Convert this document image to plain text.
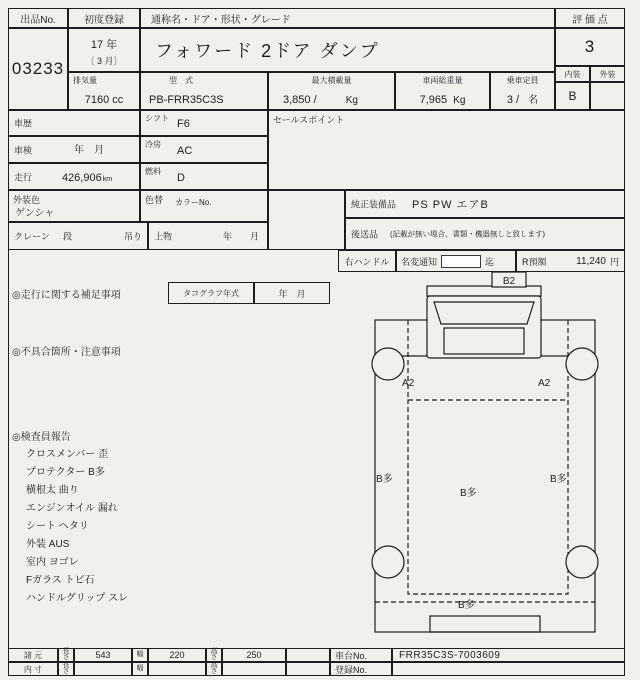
出品No.
03233
初度登録
17 年
〔 3 月〕
通称名・ドア・形状・グレード
フォワード 2ドア ダンプ
評 価 点
3
内装	外装
B
排気量
7160 cc
型　式
PB-FRR35C3S
最大積載量
3,850 /	Kg
車両総重量
7,965 Kg
乗車定員
3 / 名
車歴	シフト F6
車検	年　月
冷房
AC
走行	426,906km
燃料
D
セールスポイント
外装色
ゲンシャ
色替 カラーNo.
クレーン 段	吊り 上物	年　　月
純正装備品 PS PW エアB
後送品 (記載が無い場合、書類・機器無しと致します)
右ハンドル	名変通知	迄	R預額	11,240 円
◎走行に関する補足事項	タコグラフ年式	年　月
◎不具合箇所・注意事項
◎検査員報告
クロスメンバー 歪
プロテクター B多
横根太 曲り
エンジンオイル 漏れ
シート ヘタリ
外装 AUS
室内 ヨゴレ
Fガラス トビ石
ハンドルグリップ スレ
B2
A2	A2
B多
B多
B多
B多
諸 元	長さ	543	幅	220	高さ	250	車台No.	FRR35C3S-7003609
内 寸	長さ	幅	高さ	登録No.
